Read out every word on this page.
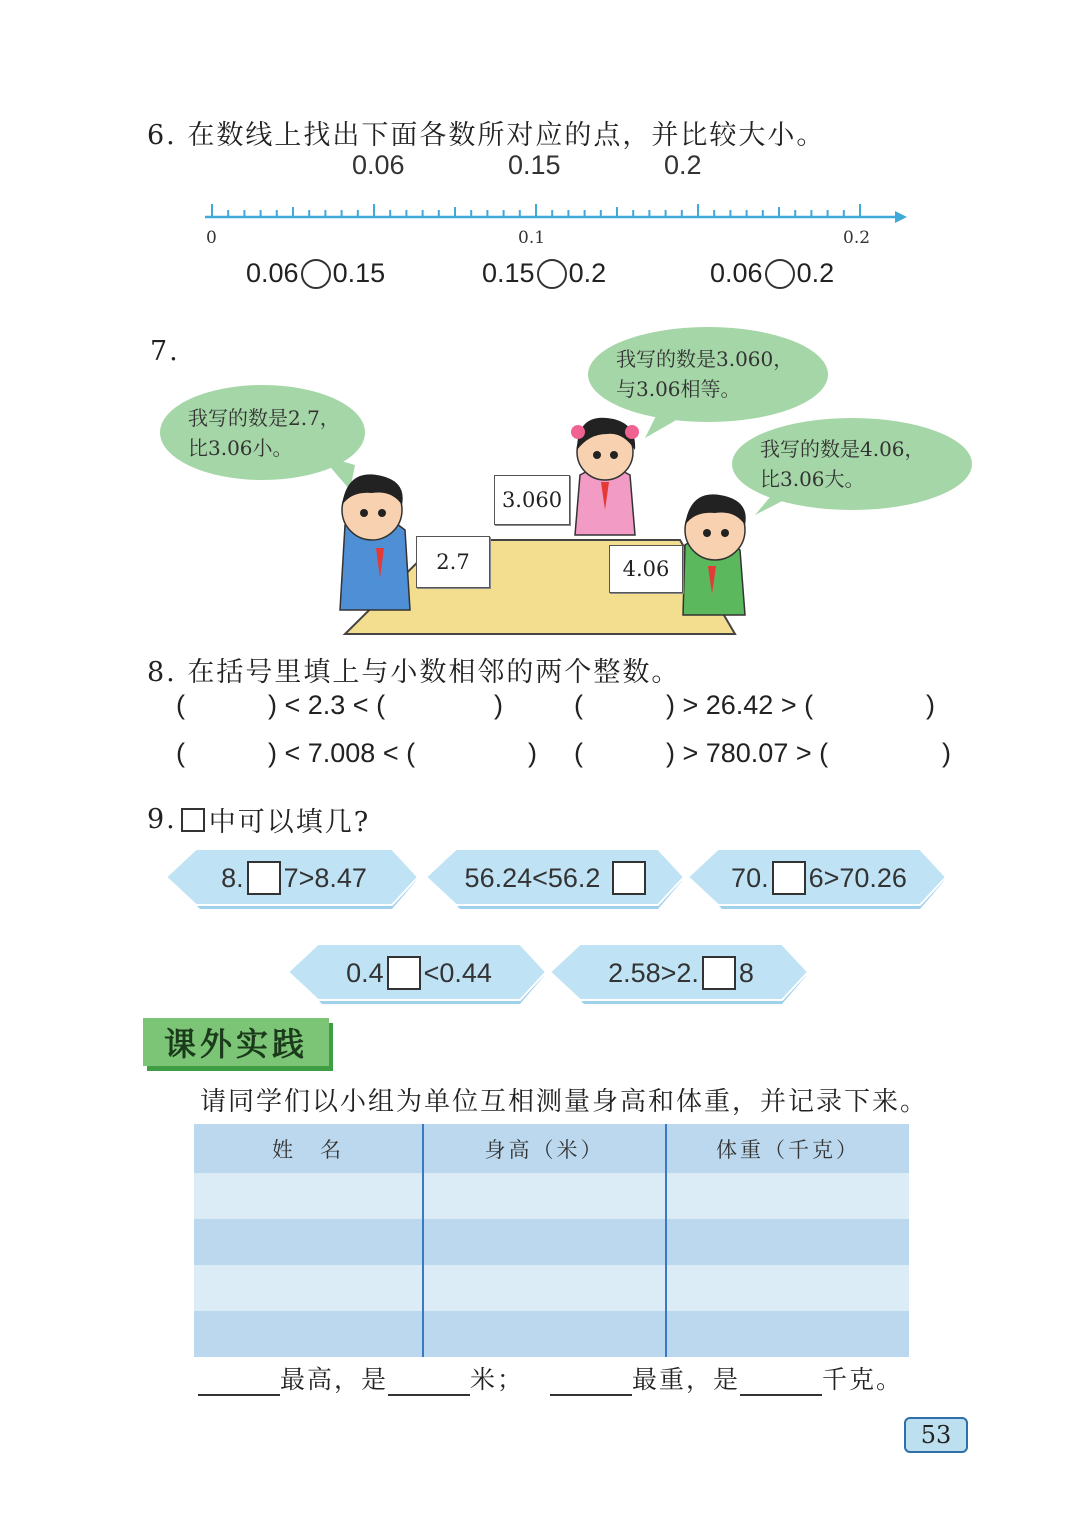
6. 在数线上找出下面各数所对应的点，并比较大小。
0.06	0.15	0.2
0	0.1	0.2
0.06 0.15	0.15 0.2	0.06 0.2
7.
我写的数是2.7，
比3.06小。
我写的数是3.060，
与3.06相等。
我写的数是4.06，
比3.06大。
2.7
3.060
4.06
8. 在括号里填上与小数相邻的两个整数。
(	) < 2.3 < (	)	(	) > 26.42 > (	)
(	) < 7.008 < (	) (	) > 780.07 > (	)
9. 中可以填几?
8. 7>8.47	56.24<56.2	70. 6>70.26
0.4 <0.44	2.58>2. 8
课外实践
请同学们以小组为单位互相测量身高和体重，并记录下来。
姓　名	身高（米）	体重（千克）

最高，是	米；	最重，是	千克。
53
